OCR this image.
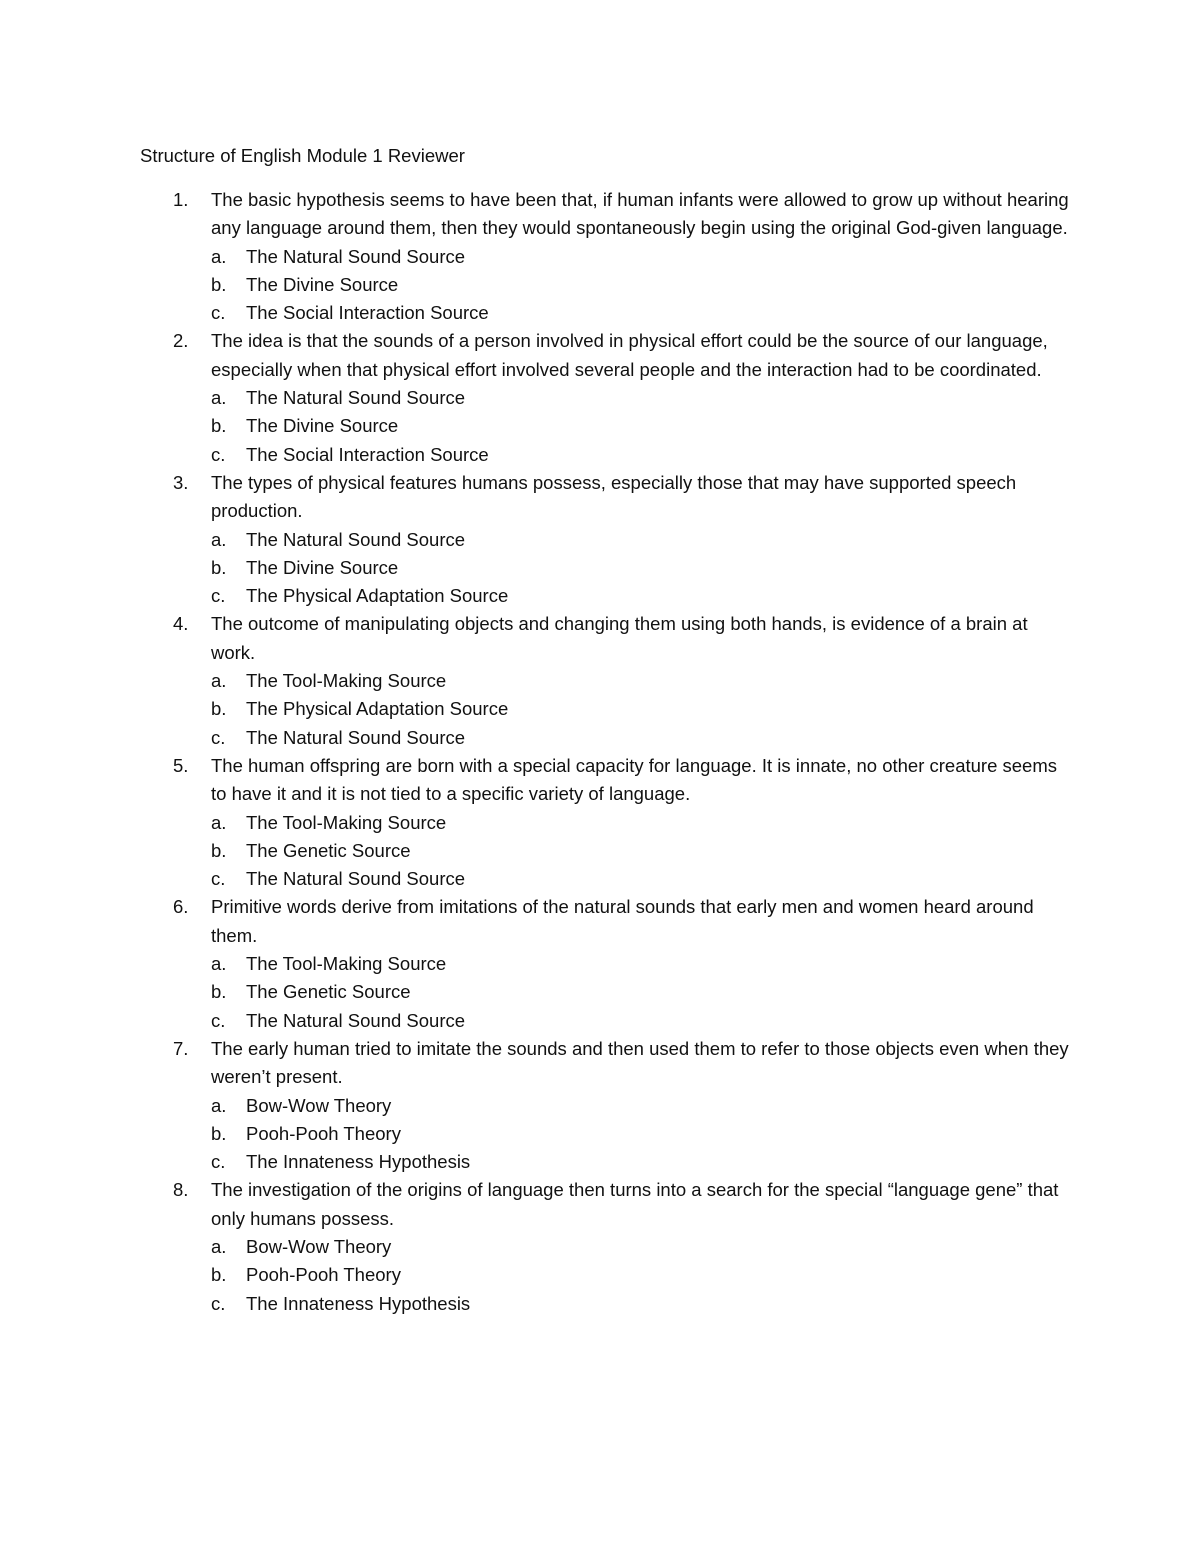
Structure of English Module 1 Reviewer
1. The basic hypothesis seems to have been that, if human infants were allowed to grow up without hearing any language around them, then they would spontaneously begin using the original God-given language.
a. The Natural Sound Source
b. The Divine Source
c. The Social Interaction Source
2. The idea is that the sounds of a person involved in physical effort could be the source of our language, especially when that physical effort involved several people and the interaction had to be coordinated.
a. The Natural Sound Source
b. The Divine Source
c. The Social Interaction Source
3. The types of physical features humans possess, especially those that may have supported speech production.
a. The Natural Sound Source
b. The Divine Source
c. The Physical Adaptation Source
4. The outcome of manipulating objects and changing them using both hands, is evidence of a brain at work.
a. The Tool-Making Source
b. The Physical Adaptation Source
c. The Natural Sound Source
5. The human offspring are born with a special capacity for language. It is innate, no other creature seems to have it and it is not tied to a specific variety of language.
a. The Tool-Making Source
b. The Genetic Source
c. The Natural Sound Source
6. Primitive words derive from imitations of the natural sounds that early men and women heard around them.
a. The Tool-Making Source
b. The Genetic Source
c. The Natural Sound Source
7. The early human tried to imitate the sounds and then used them to refer to those objects even when they weren’t present.
a. Bow-Wow Theory
b. Pooh-Pooh Theory
c. The Innateness Hypothesis
8. The investigation of the origins of language then turns into a search for the special “language gene” that only humans possess.
a. Bow-Wow Theory
b. Pooh-Pooh Theory
c. The Innateness Hypothesis
